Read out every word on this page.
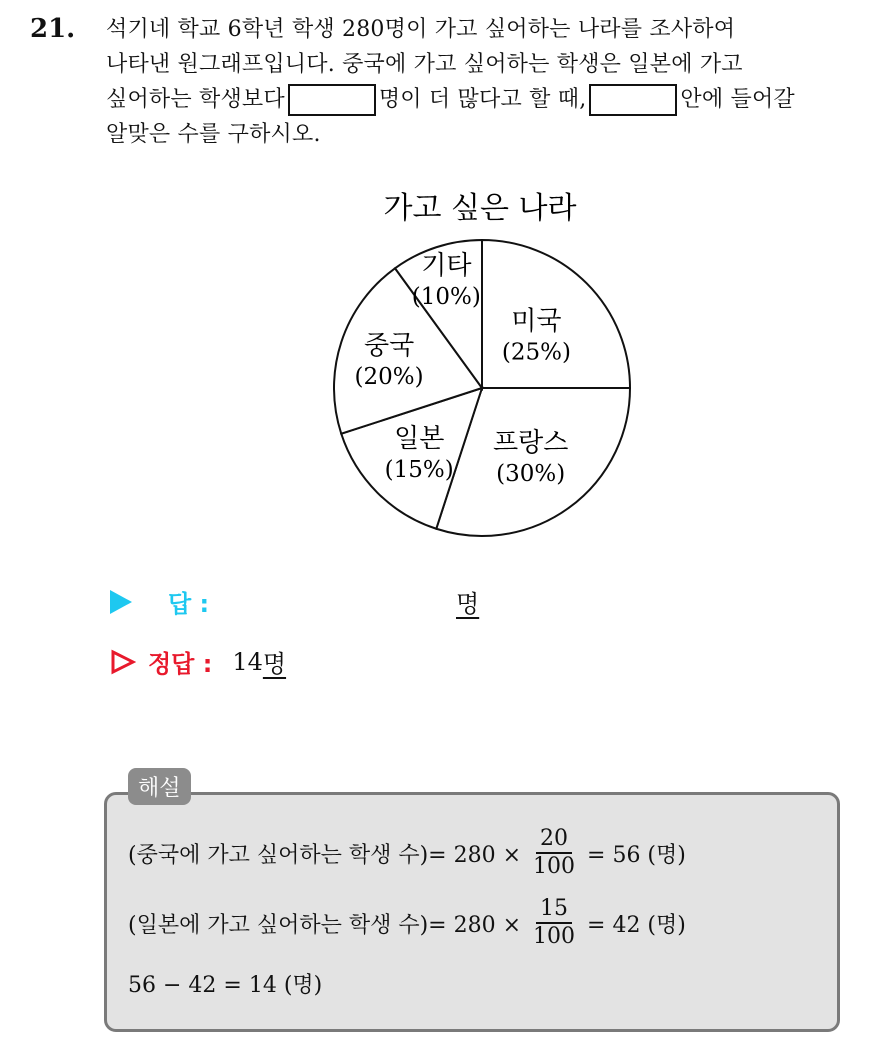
21. 석기네 학교 6학년 학생 280명이 가고 싶어하는 나라를 조사하여
나타낸 원그래프입니다. 중국에 가고 싶어하는 학생은 일본에 가고
싶어하는 학생보다	명이 더 많다고 할 때,	안에 들어갈
알맞은 수를 구하시오.
가고 싶은 나라
미국
(25%)
프랑스
(30%)
일본
(15%)
중국
(20%)
기타
(10%)
답 :	명
정답 : 14 명
해설
(중국에 가고 싶어하는 학생 수)= $280 \times \frac{20}{100} = 56$ (명)
(일본에 가고 싶어하는 학생 수)= $280 \times \frac{15}{100} = 42$ (명)
56 − 42 = 14 (명)
